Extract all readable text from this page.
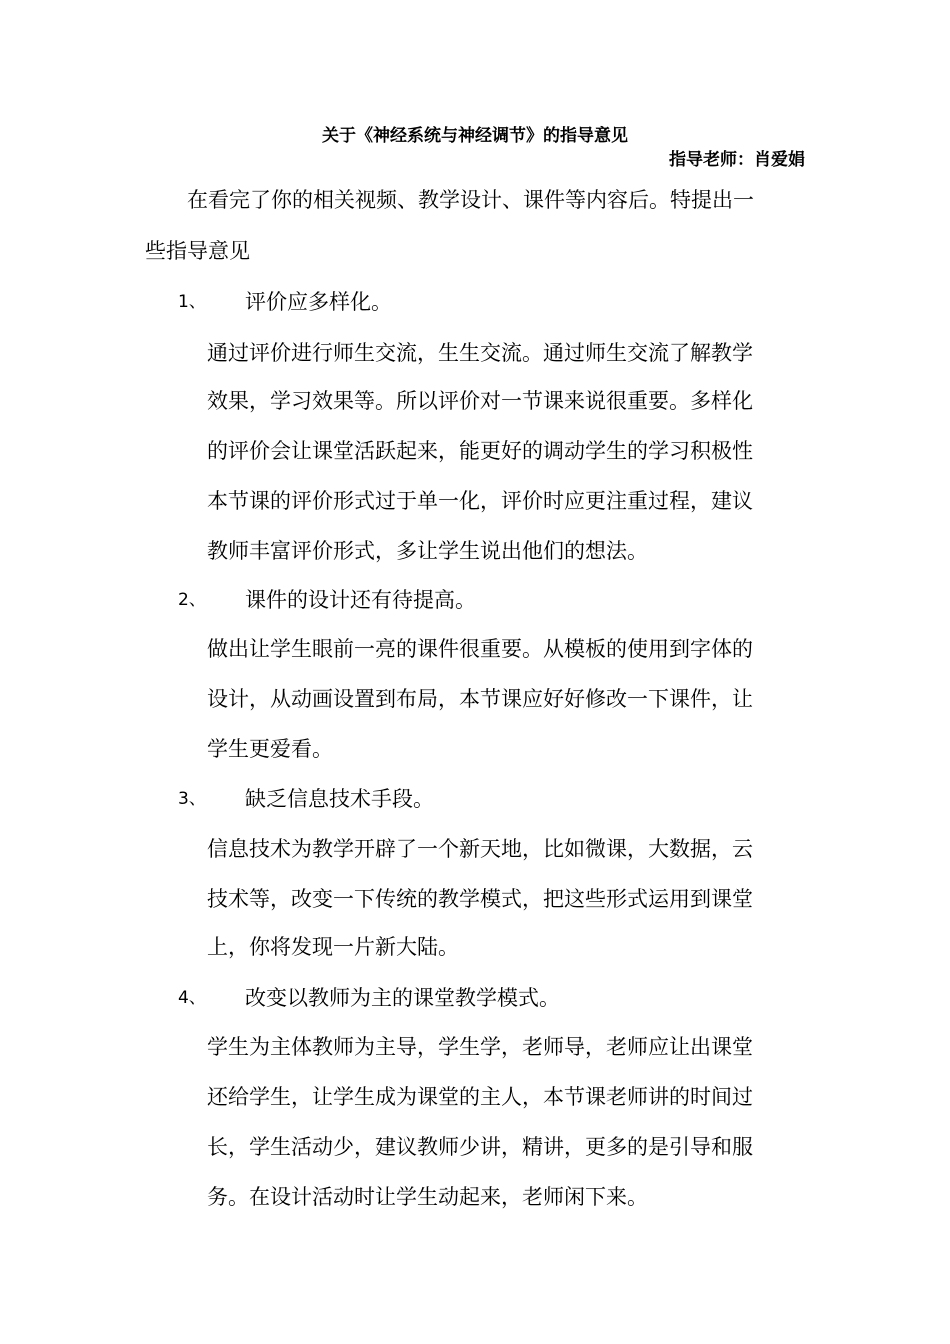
关于《神经系统与神经调节》的指导意见
指导老师：肖爱娟
在看完了你的相关视频、教学设计、课件等内容后。特提出一
些指导意见
1、 评价应多样化。
通过评价进行师生交流，生生交流。通过师生交流了解教学
效果，学习效果等。所以评价对一节课来说很重要。多样化
的评价会让课堂活跃起来，能更好的调动学生的学习积极性
本节课的评价形式过于单一化，评价时应更注重过程，建议
教师丰富评价形式，多让学生说出他们的想法。
2、 课件的设计还有待提高。
做出让学生眼前一亮的课件很重要。从模板的使用到字体的
设计，从动画设置到布局，本节课应好好修改一下课件，让
学生更爱看。
3、 缺乏信息技术手段。
信息技术为教学开辟了一个新天地，比如微课，大数据，云
技术等，改变一下传统的教学模式，把这些形式运用到课堂
上，你将发现一片新大陆。
4、 改变以教师为主的课堂教学模式。
学生为主体教师为主导，学生学，老师导，老师应让出课堂
还给学生，让学生成为课堂的主人，本节课老师讲的时间过
长，学生活动少，建议教师少讲，精讲，更多的是引导和服
务。在设计活动时让学生动起来，老师闲下来。
